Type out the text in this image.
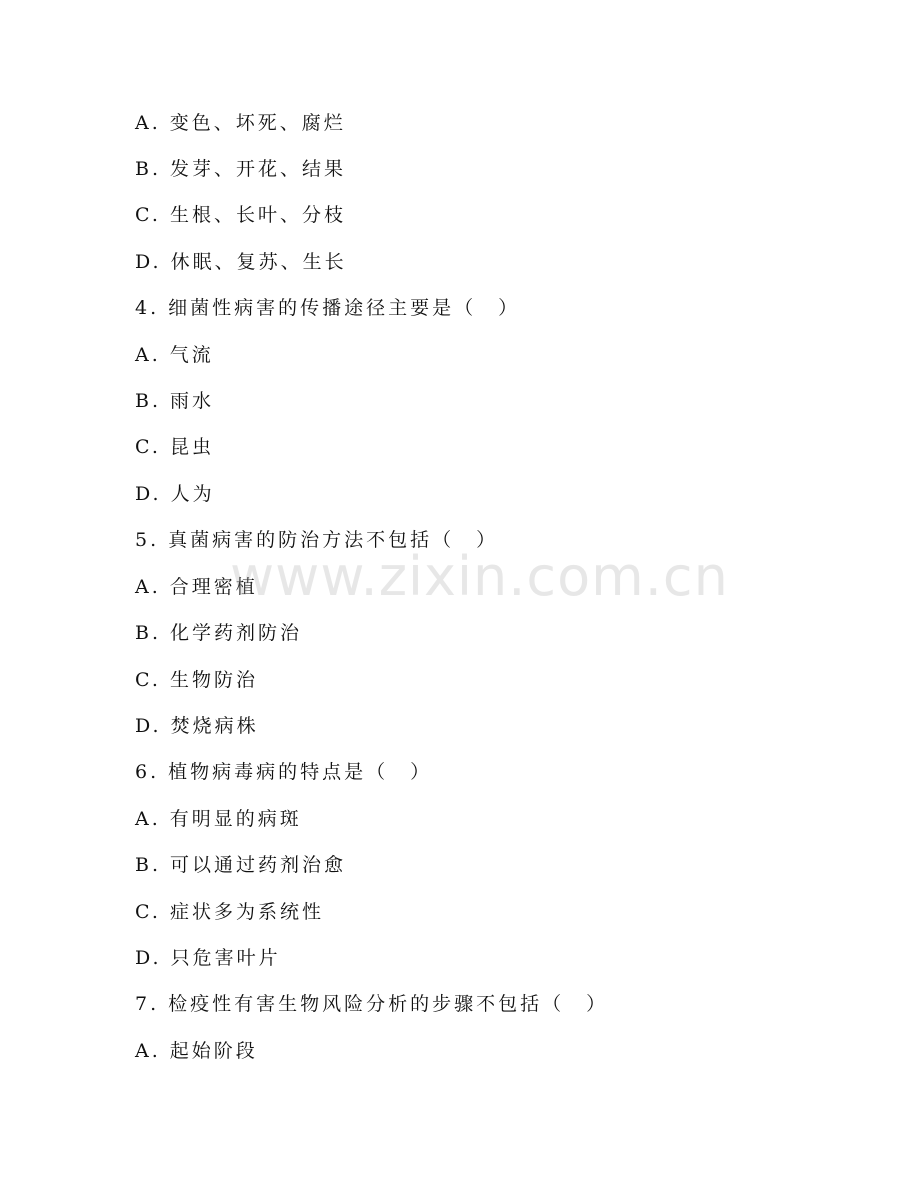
A. 变色、坏死、腐烂
B. 发芽、开花、结果
C. 生根、长叶、分枝
D. 休眠、复苏、生长
4. 细菌性病害的传播途径主要是（　）
A. 气流
B. 雨水
C. 昆虫
D. 人为
5. 真菌病害的防治方法不包括（　）
A. 合理密植
B. 化学药剂防治
C. 生物防治
D. 焚烧病株
6. 植物病毒病的特点是（　）
A. 有明显的病斑
B. 可以通过药剂治愈
C. 症状多为系统性
D. 只危害叶片
7. 检疫性有害生物风险分析的步骤不包括（　）
A. 起始阶段
www.zixin.com.cn
